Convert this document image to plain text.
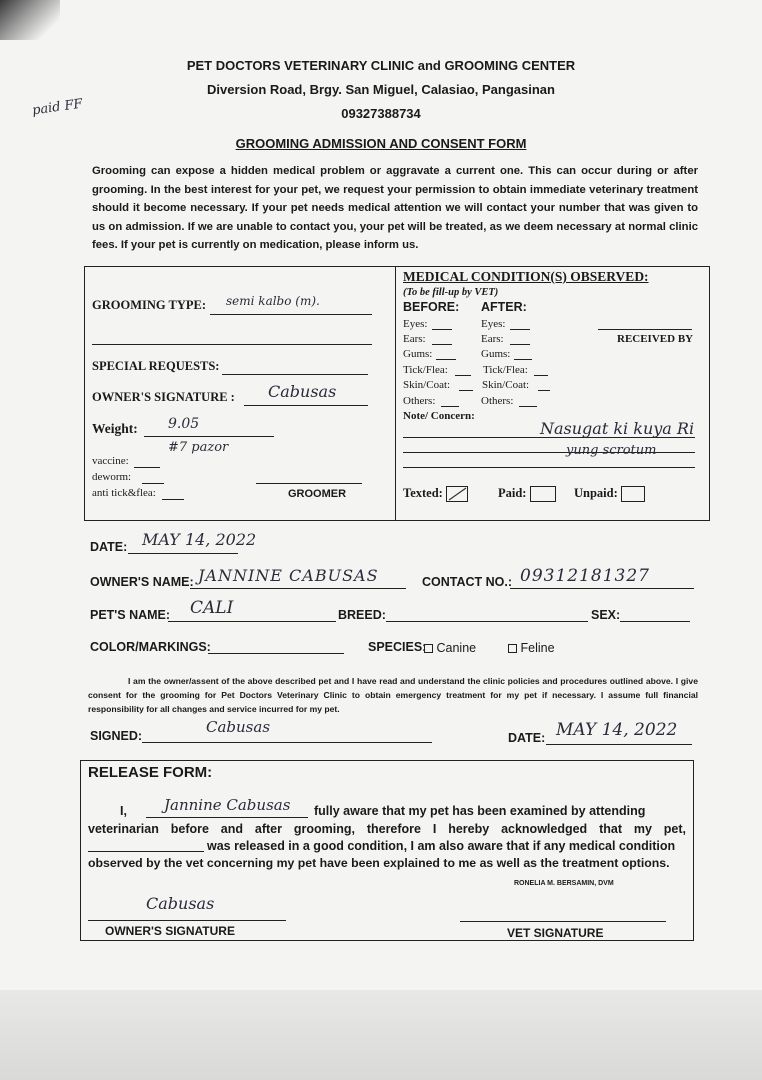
PET DOCTORS VETERINARY CLINIC and GROOMING CENTER
Diversion Road, Brgy. San Miguel, Calasiao, Pangasinan
09327388734
GROOMING ADMISSION AND CONSENT FORM
paid FF
Grooming can expose a hidden medical problem or aggravate a current one. This can occur during or after grooming. In the best interest for your pet, we request your permission to obtain immediate veterinary treatment should it become necessary. If your pet needs medical attention we will contact your number that was given to us on admission. If we are unable to contact you, your pet will be treated, as we deem necessary at normal clinic fees. If your pet is currently on medication, please inform us.
GROOMING TYPE: semi kalbo (m).
SPECIAL REQUESTS:
OWNER'S SIGNATURE : Cabusas
Weight: 9.05
#7 pazor
vaccine:
deworm:
anti tick&flea:	GROOMER
MEDICAL CONDITION(S) OBSERVED:
(To be fill-up by VET)
BEFORE: AFTER:
Eyes:	Eyes:
Ears:	Ears:
Gums:	Gums:
Tick/Flea:	Tick/Flea:
Skin/Coat:	Skin/Coat:
Others:	Others:
RECEIVED BY
Note/ Concern:
Nasugat ki kuya Ri
yung scrotum
Texted:	Paid:	Unpaid:
DATE: MAY 14, 2022
OWNER'S NAME: JANNINE CABUSAS	CONTACT NO.: 09312181327
PET'S NAME: CALI	BREED:	SEX:
COLOR/MARKINGS:	SPECIES: Canine	Feline
I am the owner/assent of the above described pet and I have read and understand the clinic policies and procedures outlined above. I give consent for the grooming for Pet Doctors Veterinary Clinic to obtain emergency treatment for my pet if necessary. I assume full financial responsibility for all changes and service incurred for my pet.
SIGNED:	Cabusas
DATE: MAY 14, 2022
RELEASE FORM:
I, Jannine Cabusas fully aware that my pet has been examined by attending
veterinarian before and after grooming, therefore I hereby acknowledged that my pet,
was released in a good condition, I am also aware that if any medical condition
observed by the vet concerning my pet have been explained to me as well as the treatment options.
Cabusas
OWNER'S SIGNATURE
RONELIA M. BERSAMIN, DVM
VET SIGNATURE
